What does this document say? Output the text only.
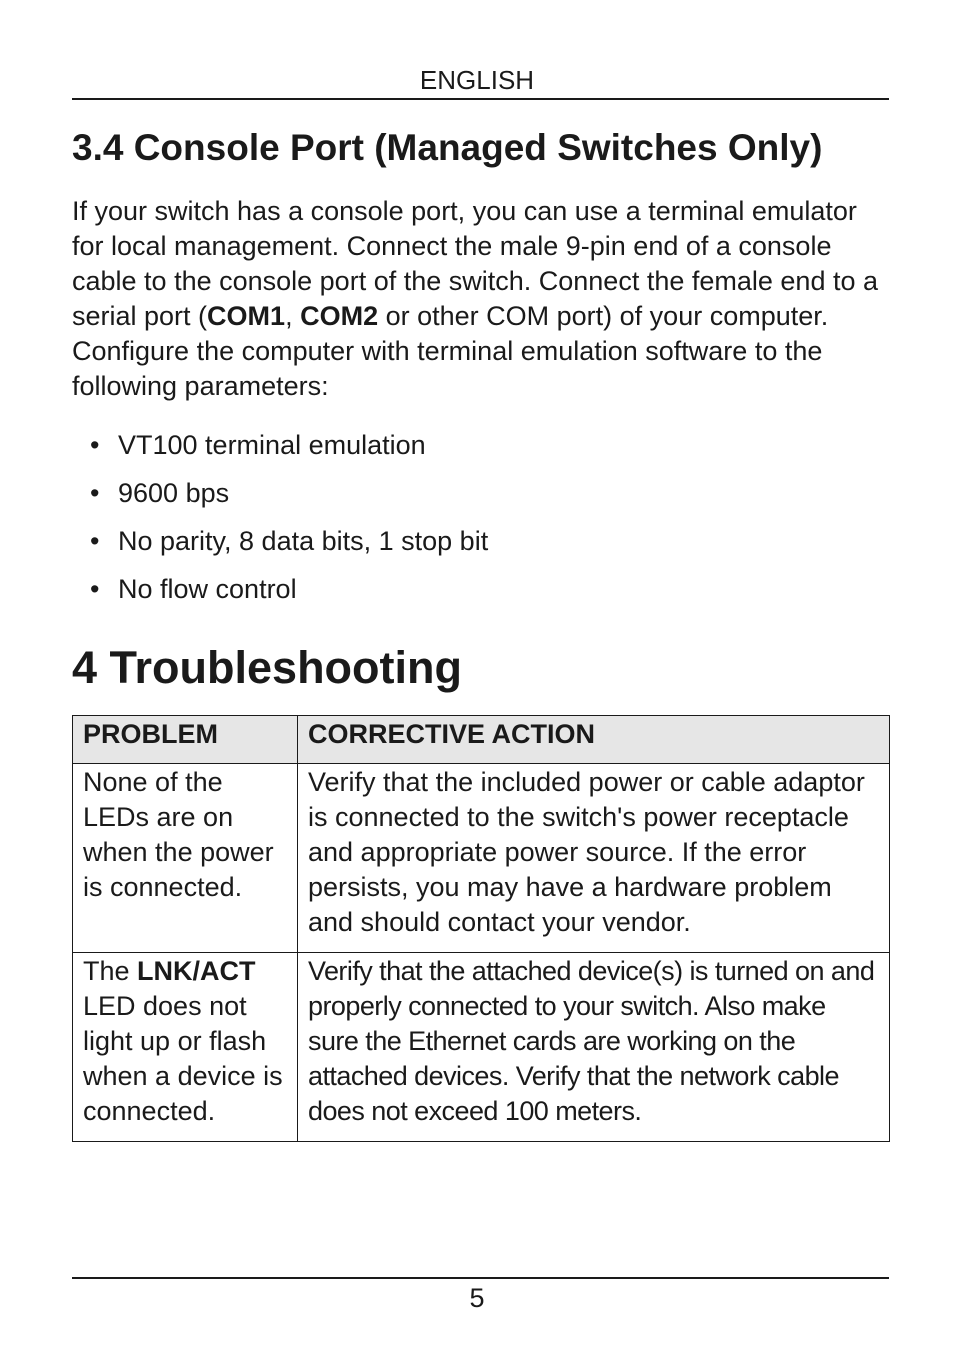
ENGLISH
3.4 Console Port (Managed Switches Only)

If your switch has a console port, you can use a terminal emulator for local management. Connect the male 9-pin end of a console cable to the console port of the switch. Connect the female end to a serial port (COM1, COM2 or other COM port) of your computer. Configure the computer with terminal emulation software to the following parameters:

• VT100 terminal emulation
• 9600 bps
• No parity, 8 data bits, 1 stop bit
• No flow control
4 Troubleshooting
PROBLEM	CORRECTIVE ACTION
None of the LEDs are on when the power is connected.	Verify that the included power or cable adaptor is connected to the switch's power receptacle and appropriate power source. If the error persists, you may have a hardware problem and should contact your vendor.
The LNK/ACT LED does not light up or flash when a device is connected.	Verify that the attached device(s) is turned on and properly connected to your switch. Also make sure the Ethernet cards are working on the attached devices. Verify that the network cable does not exceed 100 meters.
5
